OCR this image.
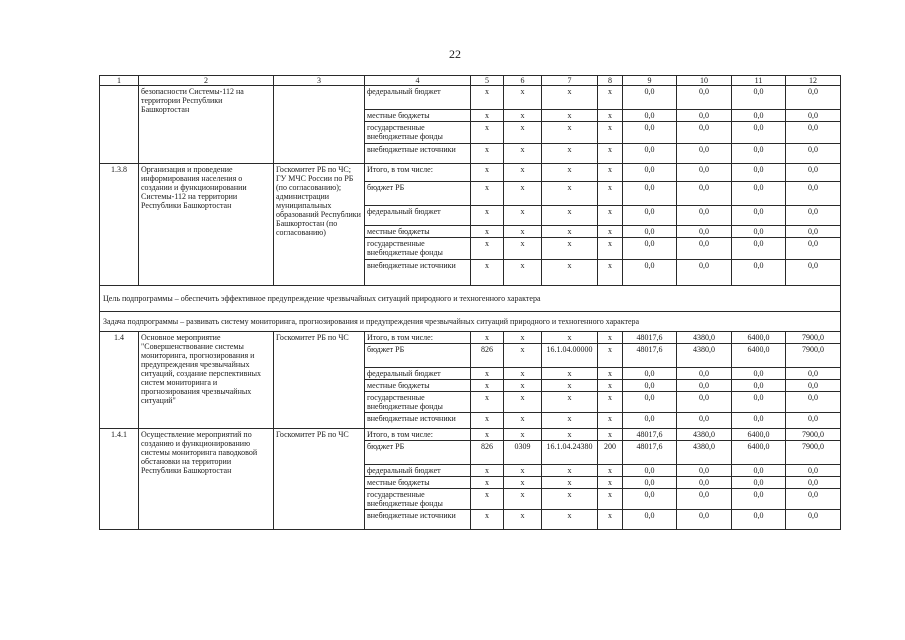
22
1	2	3	4	5	6	7	8	9	10	11	12
	безопасности Системы-112 на территории Республики Башкортостан		федеральный бюджет	x	x	x	x	0,0	0,0	0,0	0,0
			местные бюджеты	x	x	x	x	0,0	0,0	0,0	0,0
			государственные внебюджетные фонды	x	x	x	x	0,0	0,0	0,0	0,0
			внебюджетные источники	x	x	x	x	0,0	0,0	0,0	0,0
1.3.8	Организация и проведение информирования населения о создании и функционировании Системы-112 на территории Республики Башкортостан	Госкомитет РБ по ЧС; ГУ МЧС России по РБ (по согласованию); администрации муниципальных образований Республики Башкортостан (по согласованию)	Итого, в том числе:	x	x	x	x	0,0	0,0	0,0	0,0
			бюджет РБ	x	x	x	x	0,0	0,0	0,0	0,0
			федеральный бюджет	x	x	x	x	0,0	0,0	0,0	0,0
			местные бюджеты	x	x	x	x	0,0	0,0	0,0	0,0
			государственные внебюджетные фонды	x	x	x	x	0,0	0,0	0,0	0,0
			внебюджетные источники	x	x	x	x	0,0	0,0	0,0	0,0
Цель подпрограммы – обеспечить эффективное предупреждение чрезвычайных ситуаций природного и техногенного характера											
Задача подпрограммы – развивать систему мониторинга, прогнозирования и предупреждения чрезвычайных ситуаций природного и техногенного характера											
1.4	Основное мероприятие "Совершенствование системы мониторинга, прогнозирования и предупреждения чрезвычайных ситуаций, создание перспективных систем мониторинга и прогнозирования чрезвычайных ситуаций"	Госкомитет РБ по ЧС	Итого, в том числе:	x	x	x	x	48017,6	4380,0	6400,0	7900,0
			бюджет РБ	826	x	16.1.04.00000	x	48017,6	4380,0	6400,0	7900,0
			федеральный бюджет	x	x	x	x	0,0	0,0	0,0	0,0
			местные бюджеты	x	x	x	x	0,0	0,0	0,0	0,0
			государственные внебюджетные фонды	x	x	x	x	0,0	0,0	0,0	0,0
			внебюджетные источники	x	x	x	x	0,0	0,0	0,0	0,0
1.4.1	Осуществление мероприятий по созданию и функционированию системы мониторинга паводковой обстановки на территории Республики Башкортостан	Госкомитет РБ по ЧС	Итого, в том числе:	x	x	x	x	48017,6	4380,0	6400,0	7900,0
			бюджет РБ	826	0309	16.1.04.24380	200	48017,6	4380,0	6400,0	7900,0
			федеральный бюджет	x	x	x	x	0,0	0,0	0,0	0,0
			местные бюджеты	x	x	x	x	0,0	0,0	0,0	0,0
			государственные внебюджетные фонды	x	x	x	x	0,0	0,0	0,0	0,0
			внебюджетные источники	x	x	x	x	0,0	0,0	0,0	0,0
